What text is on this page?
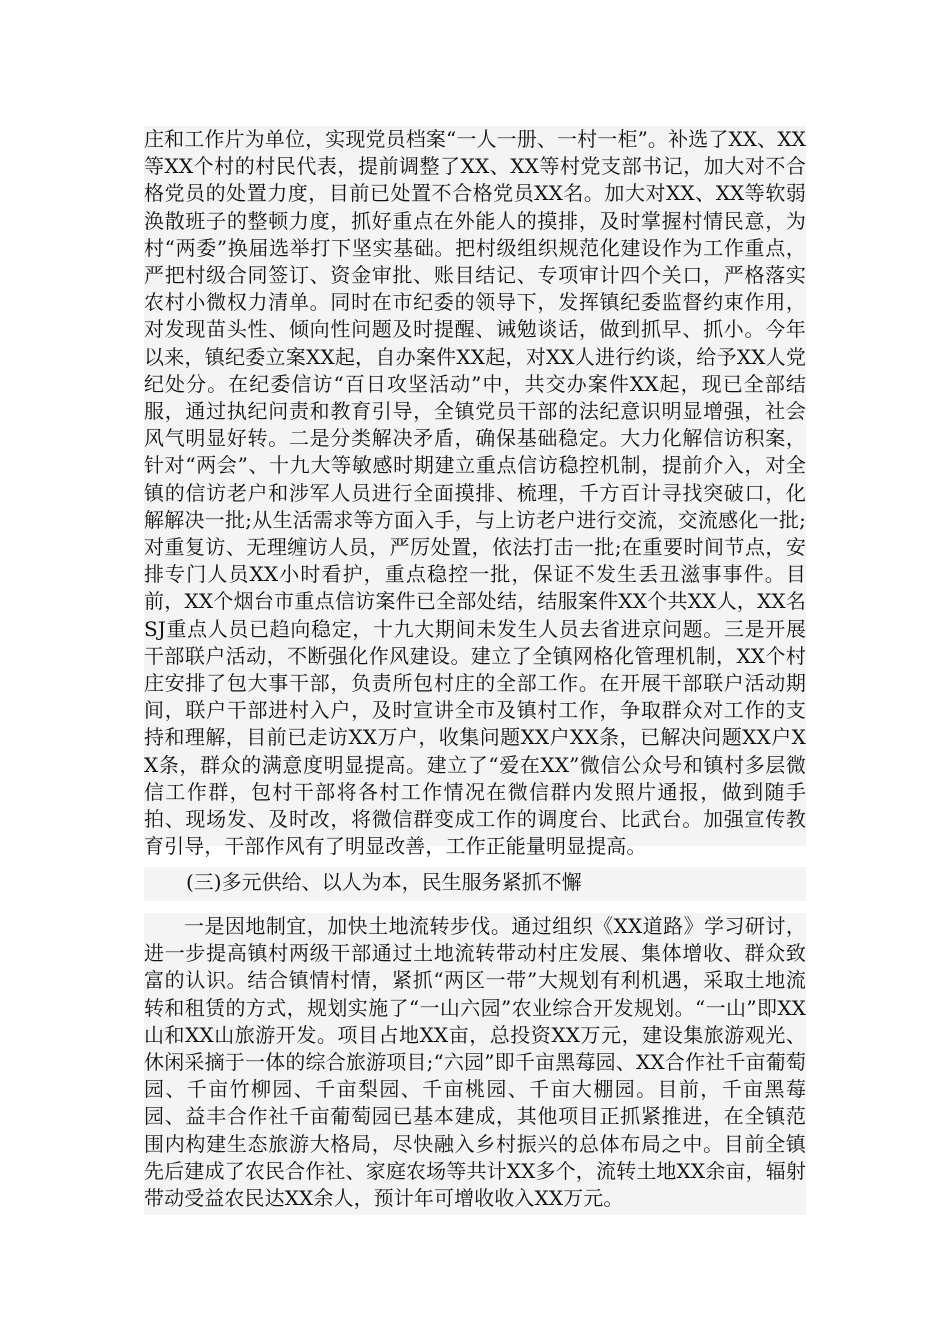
庄和工作片为单位，实现党员档案“一人一册、一村一柜”。补选了XX、XX等XX个村的村民代表，提前调整了XX、XX等村党支部书记，加大对不合格党员的处置力度，目前已处置不合格党员XX名。加大对XX、XX等软弱涣散班子的整顿力度，抓好重点在外能人的摸排，及时掌握村情民意，为村“两委”换届选举打下坚实基础。把村级组织规范化建设作为工作重点，严把村级合同签订、资金审批、账目结记、专项审计四个关口，严格落实农村小微权力清单。同时在市纪委的领导下，发挥镇纪委监督约束作用，对发现苗头性、倾向性问题及时提醒、诫勉谈话，做到抓早、抓小。今年以来，镇纪委立案XX起，自办案件XX起，对XX人进行约谈，给予XX人党纪处分。在纪委信访“百日攻坚活动”中，共交办案件XX起，现已全部结服，通过执纪问责和教育引导，全镇党员干部的法纪意识明显增强，社会风气明显好转。二是分类解决矛盾，确保基础稳定。大力化解信访积案，针对“两会”、十九大等敏感时期建立重点信访稳控机制，提前介入，对全镇的信访老户和涉军人员进行全面摸排、梳理，千方百计寻找突破口，化解解决一批;从生活需求等方面入手，与上访老户进行交流，交流感化一批;对重复访、无理缠访人员，严厉处置，依法打击一批;在重要时间节点，安排专门人员XX小时看护，重点稳控一批，保证不发生丢丑滋事事件。目前，XX个烟台市重点信访案件已全部处结，结服案件XX个共XX人，XX名SJ重点人员已趋向稳定，十九大期间未发生人员去省进京问题。三是开展干部联户活动，不断强化作风建设。建立了全镇网格化管理机制，XX个村庄安排了包大事干部，负责所包村庄的全部工作。在开展干部联户活动期间，联户干部进村入户，及时宣讲全市及镇村工作，争取群众对工作的支持和理解，目前已走访XX万户，收集问题XX户XX条，已解决问题XX户XX条，群众的满意度明显提高。建立了“爱在XX”微信公众号和镇村多层微信工作群，包村干部将各村工作情况在微信群内发照片通报，做到随手拍、现场发、及时改，将微信群变成工作的调度台、比武台。加强宣传教育引导，干部作风有了明显改善，工作正能量明显提高。

(三)多元供给、以人为本，民生服务紧抓不懈

一是因地制宜，加快土地流转步伐。通过组织《XX道路》学习研讨，进一步提高镇村两级干部通过土地流转带动村庄发展、集体增收、群众致富的认识。结合镇情村情，紧抓“两区一带”大规划有利机遇，采取土地流转和租赁的方式，规划实施了“一山六园”农业综合开发规划。“一山”即XX山和XX山旅游开发。项目占地XX亩，总投资XX万元，建设集旅游观光、休闲采摘于一体的综合旅游项目;“六园”即千亩黑莓园、XX合作社千亩葡萄园、千亩竹柳园、千亩梨园、千亩桃园、千亩大棚园。目前，千亩黑莓园、益丰合作社千亩葡萄园已基本建成，其他项目正抓紧推进，在全镇范围内构建生态旅游大格局，尽快融入乡村振兴的总体布局之中。目前全镇先后建成了农民合作社、家庭农场等共计XX多个，流转土地XX余亩，辐射带动受益农民达XX余人，预计年可增收收入XX万元。
